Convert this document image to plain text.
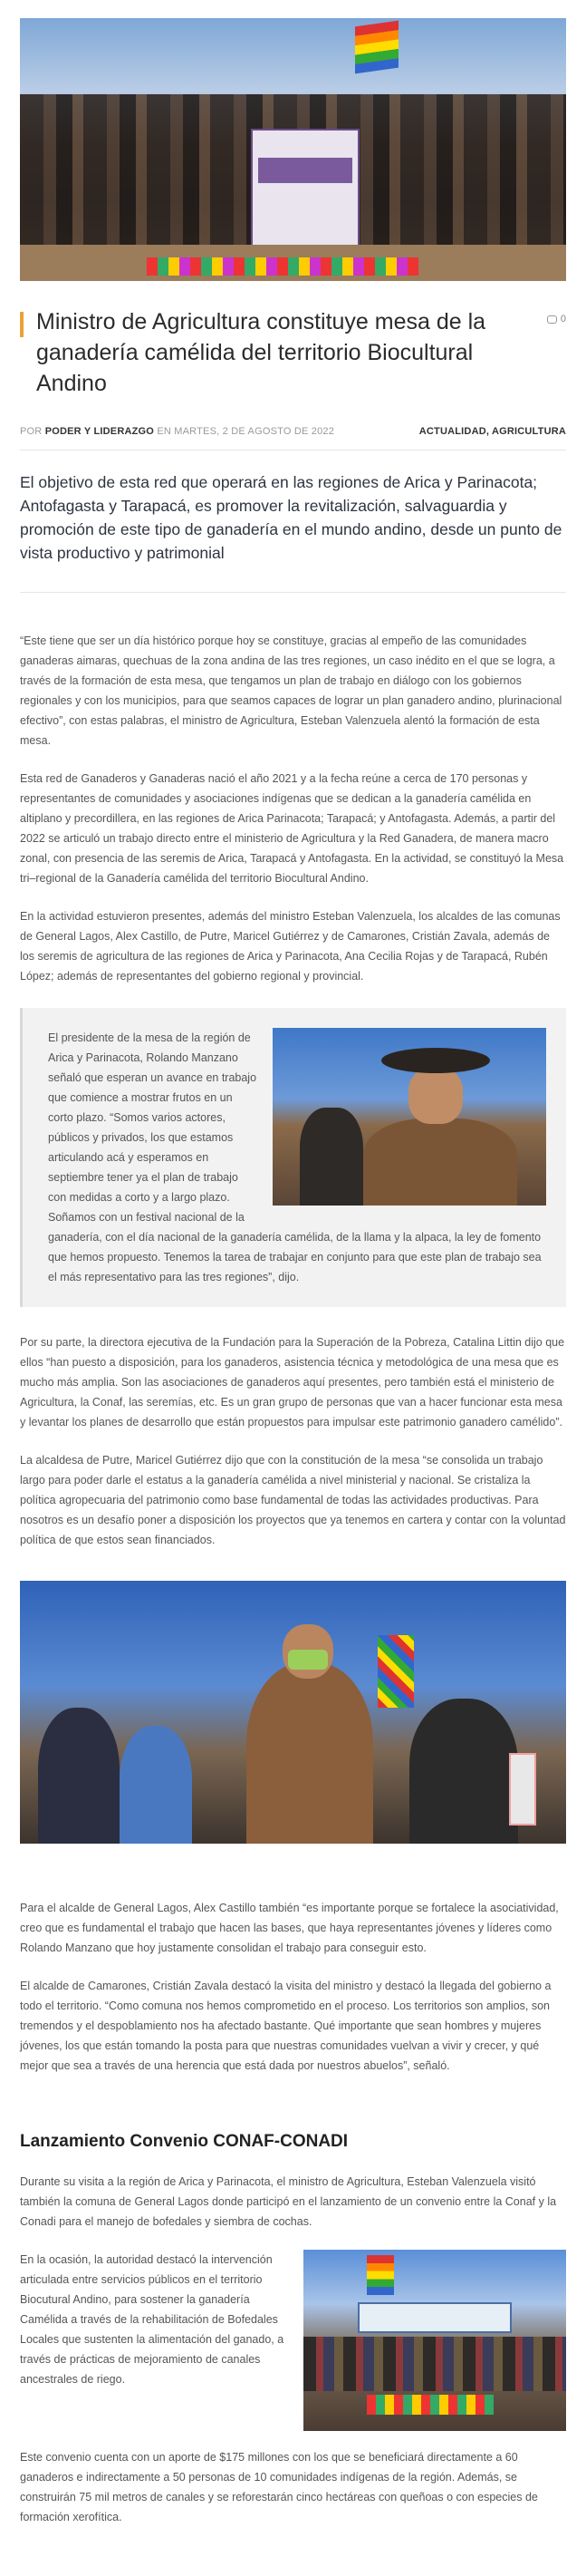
Ministro de Agricultura constituye mesa de la ganadería camélida del territorio Biocultural Andino
0
POR
PODER Y LIDERAZGO
EN
MARTES, 2 DE AGOSTO DE 2022	ACTUALIDAD, AGRICULTURA

El objetivo de esta red que operará en las regiones de Arica y Parinacota; Antofagasta y Tarapacá, es promover la revitalización, salvaguardia y promoción de este tipo de ganadería en el mundo andino, desde un punto de vista productivo y patrimonial

“Este tiene que ser un día histórico porque hoy se constituye, gracias al empeño de las comunidades ganaderas aimaras, quechuas de la zona andina de las tres regiones, un caso inédito en el que se logra, a través de la formación de esta mesa, que tengamos un plan de trabajo en diálogo con los gobiernos regionales y con los municipios, para que seamos capaces de lograr un plan ganadero andino, plurinacional efectivo”, con estas palabras, el ministro de Agricultura, Esteban Valenzuela alentó la formación de esta mesa.

Esta red de Ganaderos y Ganaderas nació el año 2021 y a la fecha reúne a cerca de 170 personas y representantes de comunidades y asociaciones indígenas que se dedican a la ganadería camélida en altiplano y precordillera, en las regiones de Arica Parinacota; Tarapacá; y Antofagasta. Además, a partir del 2022 se articuló un trabajo directo entre el ministerio de Agricultura y la Red Ganadera, de manera macro zonal, con presencia de las seremis de Arica, Tarapacá y Antofagasta. En la actividad, se constituyó la Mesa tri–regional de la Ganadería camélida del territorio Biocultural Andino.

En la actividad estuvieron presentes, además del ministro Esteban Valenzuela, los alcaldes de las comunas de General Lagos, Alex Castillo, de Putre, Maricel Gutiérrez y de Camarones, Cristián Zavala, además de los seremis de agricultura de las regiones de Arica y Parinacota, Ana Cecilia Rojas y de Tarapacá, Rubén López; además de representantes del gobierno regional y provincial.

El presidente de la mesa de la región de Arica y Parinacota, Rolando Manzano señaló que esperan un avance en trabajo que comience a mostrar frutos en un corto plazo. “Somos varios actores, públicos y privados, los que estamos articulando acá y esperamos en septiembre tener ya el plan de trabajo con medidas a corto y a largo plazo. Soñamos con un festival nacional de la ganadería, con el día nacional de la ganadería camélida, de la llama y la alpaca, la ley de fomento que hemos propuesto. Tenemos la tarea de trabajar en conjunto para que este plan de trabajo sea el más representativo para las tres regiones”, dijo.

Por su parte, la directora ejecutiva de la Fundación para la Superación de la Pobreza, Catalina Littin dijo que ellos “han puesto a disposición, para los ganaderos, asistencia técnica y metodológica de una mesa que es mucho más amplia. Son las asociaciones de ganaderos aquí presentes, pero también está el ministerio de Agricultura, la Conaf, las seremías, etc. Es un gran grupo de personas que van a hacer funcionar esta mesa y levantar los planes de desarrollo que están propuestos para impulsar este patrimonio ganadero camélido”.

La alcaldesa de Putre, Maricel Gutiérrez dijo que con la constitución de la mesa “se consolida un trabajo largo para poder darle el estatus a la ganadería camélida a nivel ministerial y nacional. Se cristaliza la política agropecuaria del patrimonio como base fundamental de todas las actividades productivas. Para nosotros es un desafío poner a disposición los proyectos que ya tenemos en cartera y contar con la voluntad política de que estos sean financiados.

Para el alcalde de General Lagos, Alex Castillo también “es importante porque se fortalece la asociatividad, creo que es fundamental el trabajo que hacen las bases, que haya representantes jóvenes y líderes como Rolando Manzano que hoy justamente consolidan el trabajo para conseguir esto.

El alcalde de Camarones, Cristián Zavala destacó la visita del ministro y destacó la llegada del gobierno a todo el territorio. “Como comuna nos hemos comprometido en el proceso. Los territorios son amplios, son tremendos y el despoblamiento nos ha afectado bastante. Qué importante que sean hombres y mujeres jóvenes, los que están tomando la posta para que nuestras comunidades vuelvan a vivir y crecer, y qué mejor que sea a través de una herencia que está dada por nuestros abuelos”, señaló.

Lanzamiento Convenio CONAF-CONADI

Durante su visita a la región de Arica y Parinacota, el ministro de Agricultura, Esteban Valenzuela visitó también la comuna de General Lagos donde participó en el lanzamiento de un convenio entre la Conaf y la Conadi para el manejo de bofedales y siembra de cochas.

En la ocasión, la autoridad destacó la intervención articulada entre servicios públicos en el territorio Biocutural Andino, para sostener la ganadería Camélida a través de la rehabilitación de Bofedales Locales que sustenten la alimentación del ganado, a través de prácticas de mejoramiento de canales ancestrales de riego.

Este convenio cuenta con un aporte de $175 millones con los que se beneficiará directamente a 60 ganaderos e indirectamente a 50 personas de 10 comunidades indígenas de la región. Además, se construirán 75 mil metros de canales y se reforestarán cinco hectáreas con queñoas o con especies de formación xerofítica.
